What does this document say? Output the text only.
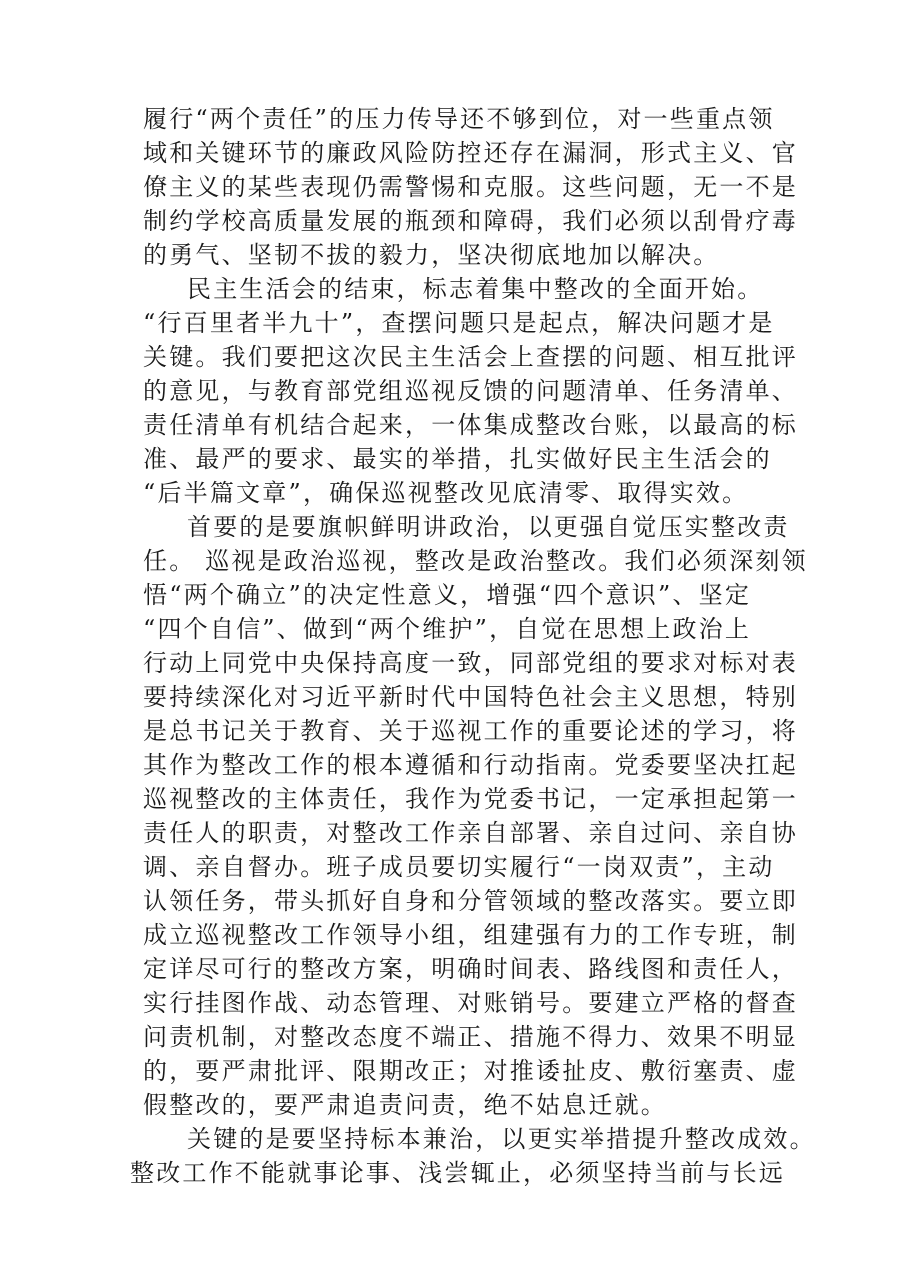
履行“两个责任”的压力传导还不够到位，对一些重点领
域和关键环节的廉政风险防控还存在漏洞，形式主义、官
僚主义的某些表现仍需警惕和克服。这些问题，无一不是
制约学校高质量发展的瓶颈和障碍，我们必须以刮骨疗毒
的勇气、坚韧不拔的毅力，坚决彻底地加以解决。
民主生活会的结束，标志着集中整改的全面开始。
“行百里者半九十”，查摆问题只是起点，解决问题才是
关键。我们要把这次民主生活会上查摆的问题、相互批评
的意见，与教育部党组巡视反馈的问题清单、任务清单、
责任清单有机结合起来，一体集成整改台账，以最高的标
准、最严的要求、最实的举措，扎实做好民主生活会的
“后半篇文章”，确保巡视整改见底清零、取得实效。
首要的是要旗帜鲜明讲政治，以更强自觉压实整改责
任。 巡视是政治巡视，整改是政治整改。我们必须深刻领
悟“两个确立”的决定性意义，增强“四个意识”、坚定
“四个自信”、做到“两个维护”，自觉在思想上政治上
行动上同党中央保持高度一致，同部党组的要求对标对表
要持续深化对习近平新时代中国特色社会主义思想，特别
是总书记关于教育、关于巡视工作的重要论述的学习，将
其作为整改工作的根本遵循和行动指南。党委要坚决扛起
巡视整改的主体责任，我作为党委书记，一定承担起第一
责任人的职责，对整改工作亲自部署、亲自过问、亲自协
调、亲自督办。班子成员要切实履行“一岗双责”，主动
认领任务，带头抓好自身和分管领域的整改落实。要立即
成立巡视整改工作领导小组，组建强有力的工作专班，制
定详尽可行的整改方案，明确时间表、路线图和责任人，
实行挂图作战、动态管理、对账销号。要建立严格的督查
问责机制，对整改态度不端正、措施不得力、效果不明显
的，要严肃批评、限期改正；对推诿扯皮、敷衍塞责、虚
假整改的，要严肃追责问责，绝不姑息迁就。
关键的是要坚持标本兼治，以更实举措提升整改成效。
整改工作不能就事论事、浅尝辄止，必须坚持当前与长远
